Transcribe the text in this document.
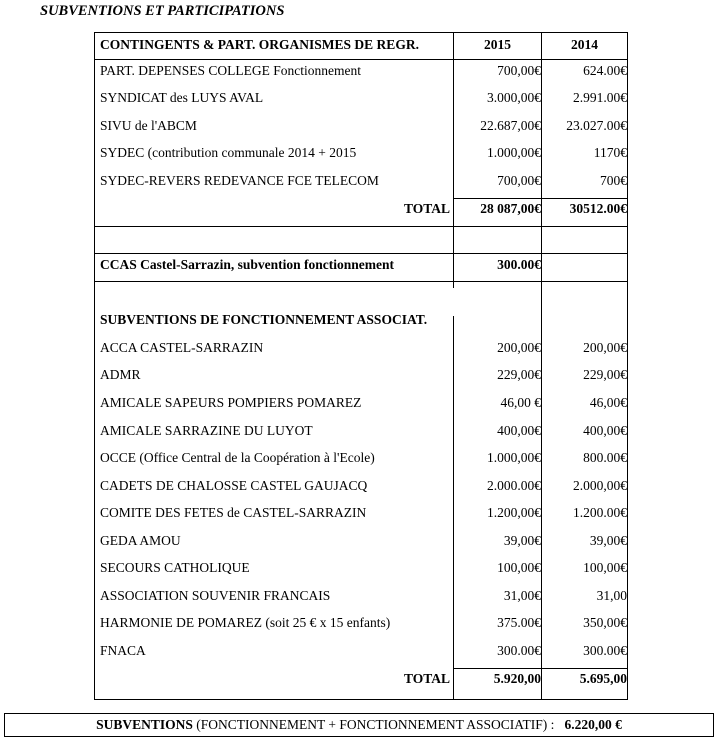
SUBVENTIONS ET PARTICIPATIONS
CONTINGENTS & PART. ORGANISMES DE REGR.	2015	2014
PART. DEPENSES COLLEGE Fonctionnement	700,00€	624.00€
SYNDICAT des LUYS AVAL	3.000,00€	2.991.00€
SIVU de l'ABCM	22.687,00€	23.027.00€
SYDEC (contribution communale 2014 + 2015	1.000,00€	1170€
SYDEC-REVERS REDEVANCE FCE TELECOM	700,00€	700€
TOTAL	28 087,00€	30512.00€
CCAS Castel-Sarrazin, subvention fonctionnement	300.00€
SUBVENTIONS DE FONCTIONNEMENT ASSOCIAT.
ACCA CASTEL-SARRAZIN	200,00€	200,00€
ADMR	229,00€	229,00€
AMICALE SAPEURS POMPIERS POMAREZ	46,00 €	46,00€
AMICALE SARRAZINE DU LUYOT	400,00€	400,00€
OCCE (Office Central de la Coopération à l'Ecole)	1.000,00€	800.00€
CADETS DE CHALOSSE CASTEL GAUJACQ	2.000.00€	2.000,00€
COMITE DES FETES de CASTEL-SARRAZIN	1.200,00€	1.200.00€
GEDA AMOU	39,00€	39,00€
SECOURS CATHOLIQUE	100,00€	100,00€
ASSOCIATION SOUVENIR FRANCAIS	31,00€	31,00
HARMONIE DE POMAREZ (soit 25 € x 15 enfants)	375.00€	350,00€
FNACA	300.00€	300.00€
TOTAL	5.920,00	5.695,00
SUBVENTIONS (FONCTIONNEMENT + FONCTIONNEMENT ASSOCIATIF) : 6.220,00 €
